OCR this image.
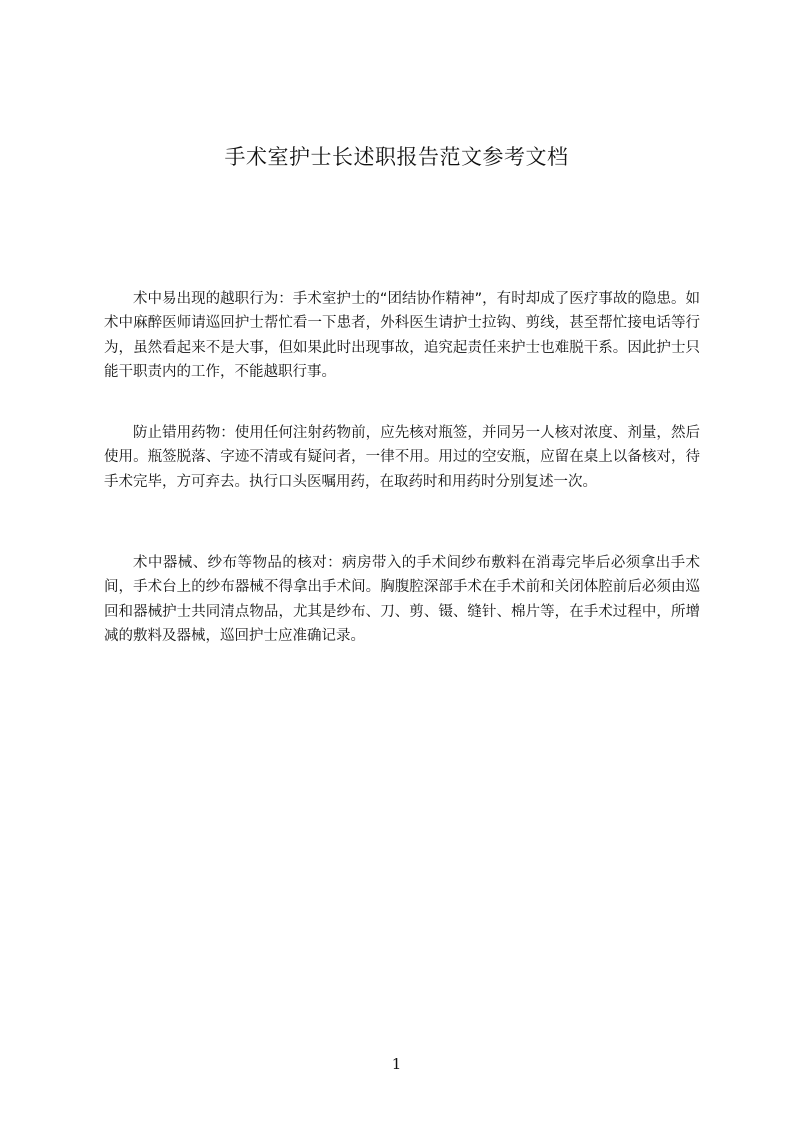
手术室护士长述职报告范文参考文档

术中易出现的越职行为：手术室护士的“团结协作精神”，有时却成了医疗事故的隐患。如术中麻醉医师请巡回护士帮忙看一下患者，外科医生请护士拉钩、剪线，甚至帮忙接电话等行为，虽然看起来不是大事，但如果此时出现事故，追究起责任来护士也难脱干系。因此护士只能干职责内的工作，不能越职行事。

防止错用药物：使用任何注射药物前，应先核对瓶签，并同另一人核对浓度、剂量，然后使用。瓶签脱落、字迹不清或有疑问者，一律不用。用过的空安瓶，应留在桌上以备核对，待手术完毕，方可弃去。执行口头医嘱用药，在取药时和用药时分别复述一次。

术中器械、纱布等物品的核对：病房带入的手术间纱布敷料在消毒完毕后必须拿出手术间，手术台上的纱布器械不得拿出手术间。胸腹腔深部手术在手术前和关闭体腔前后必须由巡回和器械护士共同清点物品，尤其是纱布、刀、剪、镊、缝针、棉片等，在手术过程中，所增减的敷料及器械，巡回护士应准确记录。

1
